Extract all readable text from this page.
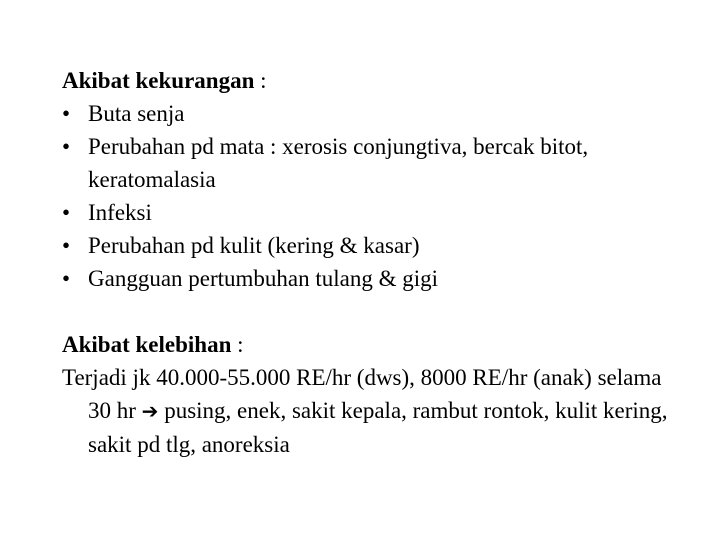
Akibat kekurangan :

• Buta senja
• Perubahan pd mata : xerosis conjungtiva, bercak bitot, keratomalasia
• Infeksi
• Perubahan pd kulit (kering & kasar)
• Gangguan pertumbuhan tulang & gigi

Akibat kelebihan :

Terjadi jk 40.000-55.000 RE/hr (dws), 8000 RE/hr (anak) selama 30 hr ➔ pusing, enek, sakit kepala, rambut rontok, kulit kering, sakit pd tlg, anoreksia
